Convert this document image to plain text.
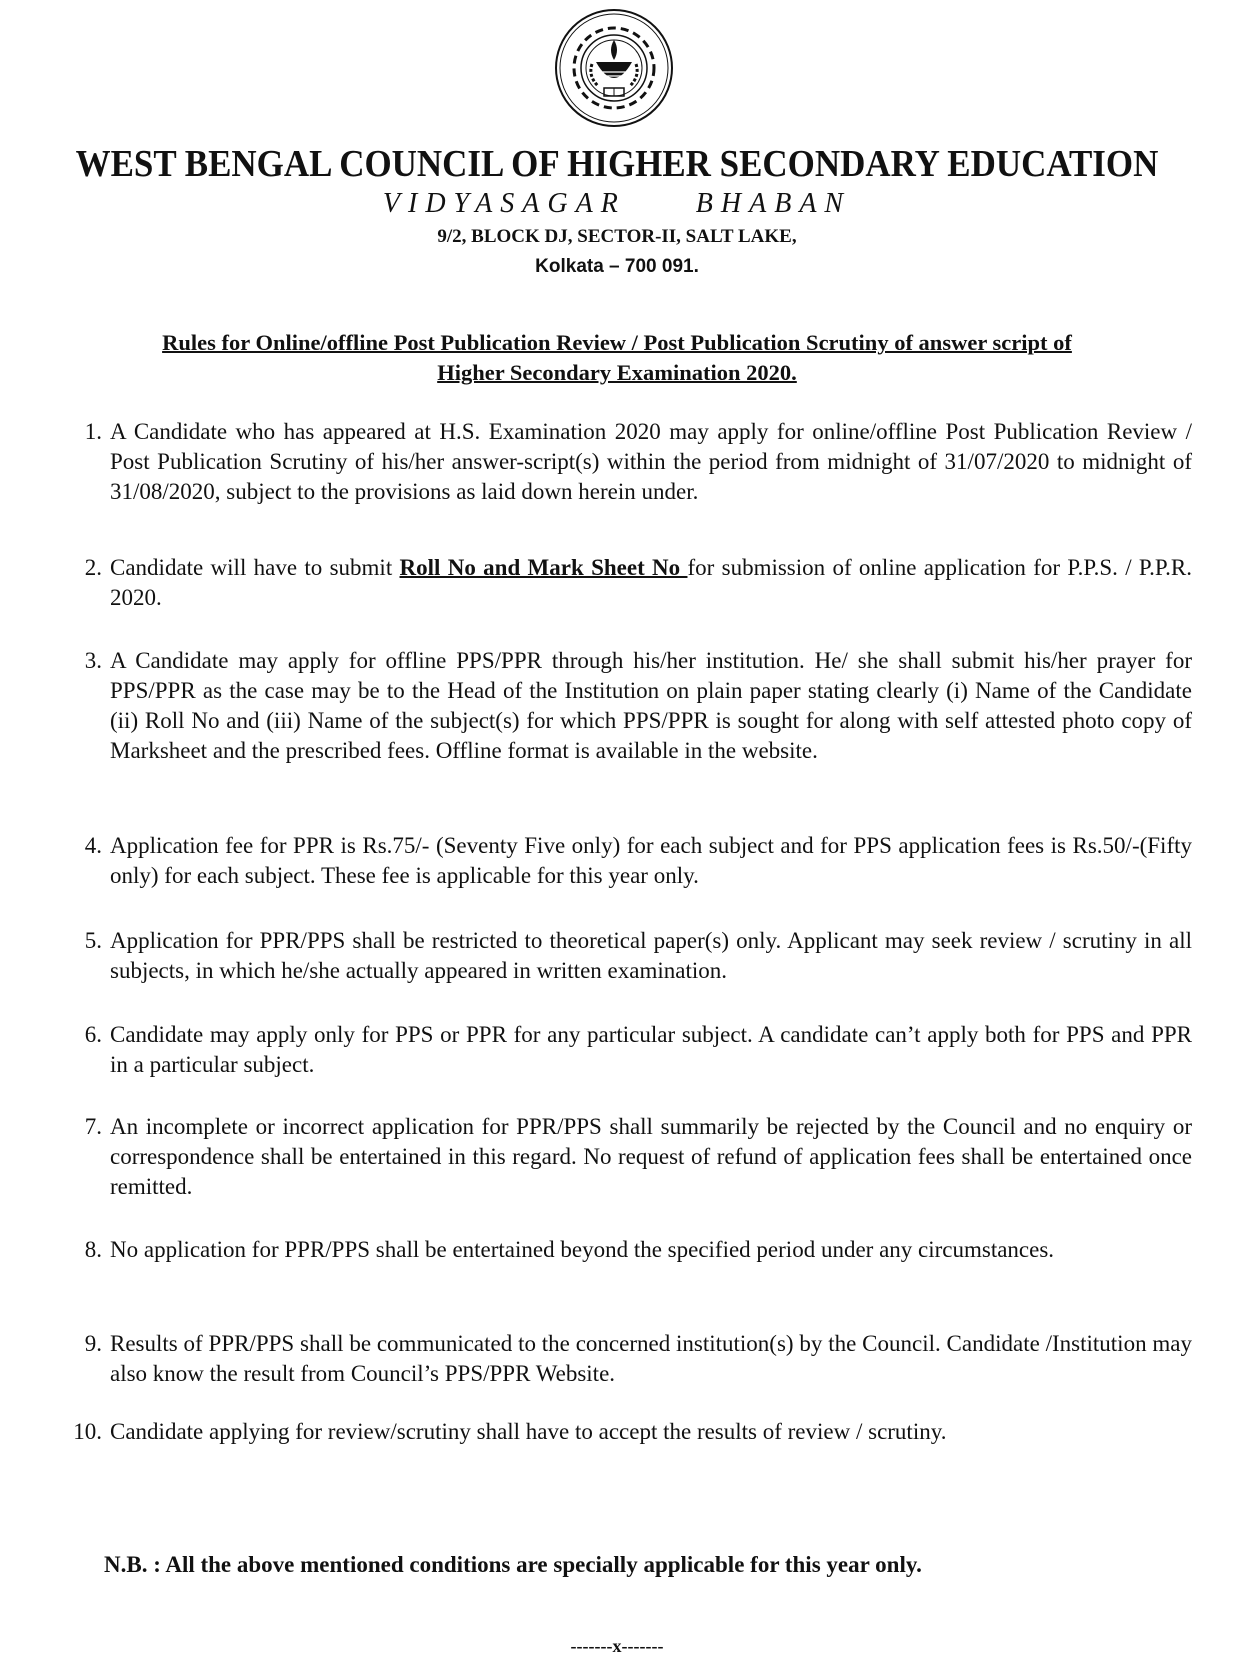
WEST BENGAL COUNCIL OF HIGHER SECONDARY EDUCATION
VIDYASAGAR	BHABAN
9/2, BLOCK DJ, SECTOR-II, SALT LAKE,
Kolkata – 700 091.
Rules for Online/offline Post Publication Review / Post Publication Scrutiny of answer script of
Higher Secondary Examination 2020.
1. A Candidate who has appeared at H.S. Examination 2020 may apply for online/offline Post Publication Review / Post Publication Scrutiny of his/her answer-script(s) within the period from midnight of 31/07/2020 to midnight of 31/08/2020, subject to the provisions as laid down herein under.
2. Candidate will have to submit Roll No and Mark Sheet No for submission of online application for P.P.S. / P.P.R. 2020.
3. A Candidate may apply for offline PPS/PPR through his/her institution. He/ she shall submit his/her prayer for PPS/PPR as the case may be to the Head of the Institution on plain paper stating clearly (i) Name of the Candidate (ii) Roll No and (iii) Name of the subject(s) for which PPS/PPR is sought for along with self attested photo copy of Marksheet and the prescribed fees. Offline format is available in the website.
4. Application fee for PPR is Rs.75/- (Seventy Five only) for each subject and for PPS application fees is Rs.50/-(Fifty only) for each subject. These fee is applicable for this year only.
5. Application for PPR/PPS shall be restricted to theoretical paper(s) only. Applicant may seek review / scrutiny in all subjects, in which he/she actually appeared in written examination.
6. Candidate may apply only for PPS or PPR for any particular subject. A candidate can’t apply both for PPS and PPR in a particular subject.
7. An incomplete or incorrect application for PPR/PPS shall summarily be rejected by the Council and no enquiry or correspondence shall be entertained in this regard. No request of refund of application fees shall be entertained once remitted.
8. No application for PPR/PPS shall be entertained beyond the specified period under any circumstances.
9. Results of PPR/PPS shall be communicated to the concerned institution(s) by the Council. Candidate /Institution may also know the result from Council’s PPS/PPR Website.
10. Candidate applying for review/scrutiny shall have to accept the results of review / scrutiny.
N.B. : All the above mentioned conditions are specially applicable for this year only.
-------x-------
